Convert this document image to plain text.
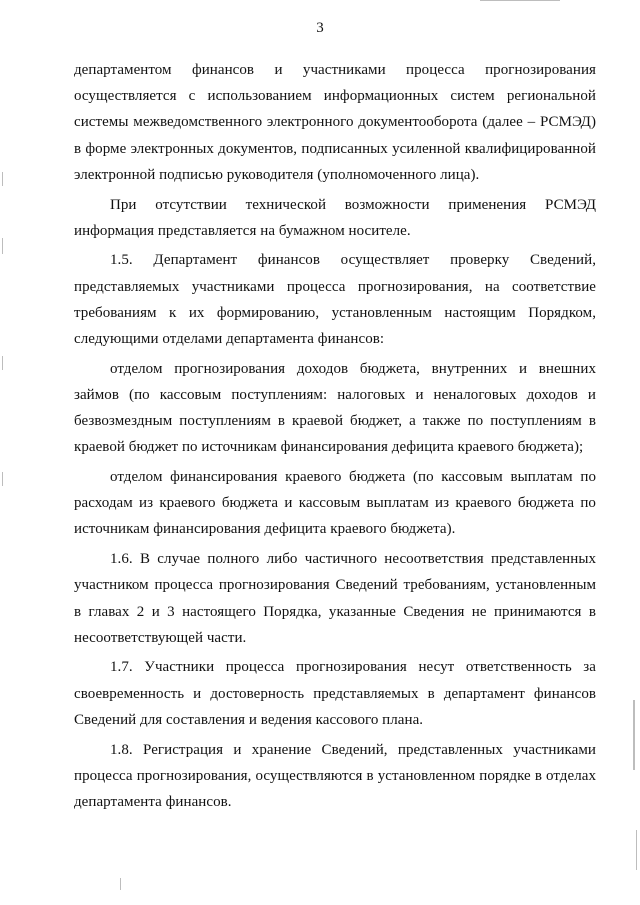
3

департаментом финансов и участниками процесса прогнозирования осуществляется с использованием информационных систем региональной системы межведомственного электронного документооборота (далее – РСМЭД) в форме электронных документов, подписанных усиленной квалифицированной электронной подписью руководителя (уполномоченного лица).

При отсутствии технической возможности применения РСМЭД информация представляется на бумажном носителе.

1.5. Департамент финансов осуществляет проверку Сведений, представляемых участниками процесса прогнозирования, на соответствие требованиям к их формированию, установленным настоящим Порядком, следующими отделами департамента финансов:

отделом прогнозирования доходов бюджета, внутренних и внешних займов (по кассовым поступлениям: налоговых и неналоговых доходов и безвозмездным поступлениям в краевой бюджет, а также по поступлениям в краевой бюджет по источникам финансирования дефицита краевого бюджета);

отделом финансирования краевого бюджета (по кассовым выплатам по расходам из краевого бюджета и кассовым выплатам из краевого бюджета по источникам финансирования дефицита краевого бюджета).

1.6. В случае полного либо частичного несоответствия представленных участником процесса прогнозирования Сведений требованиям, установленным в главах 2 и 3 настоящего Порядка, указанные Сведения не принимаются в несоответствующей части.

1.7. Участники процесса прогнозирования несут ответственность за своевременность и достоверность представляемых в департамент финансов Сведений для составления и ведения кассового плана.

1.8. Регистрация и хранение Сведений, представленных участниками процесса прогнозирования, осуществляются в установленном порядке в отделах департамента финансов.
